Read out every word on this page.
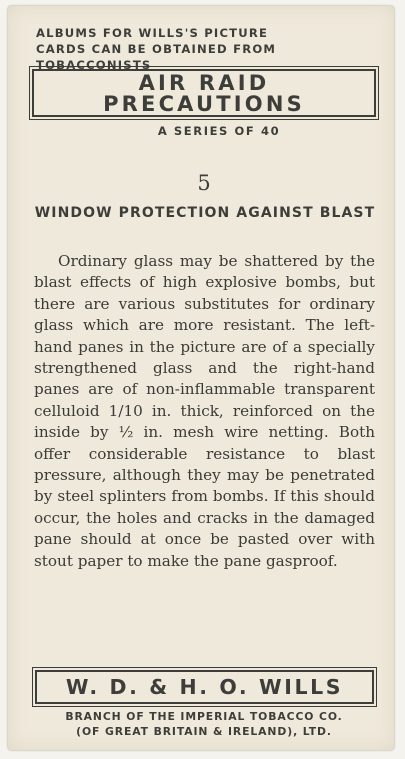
ALBUMS FOR WILLS'S PICTURE
CARDS CAN BE OBTAINED FROM
TOBACCONISTS
AIR RAID
PRECAUTIONS
A SERIES OF 40
5
WINDOW PROTECTION AGAINST BLAST
Ordinary glass may be shattered by the blast effects of high explosive bombs, but there are various substitutes for ordinary glass which are more resistant. The left-hand panes in the picture are of a specially strengthened glass and the right-hand panes are of non-inflammable transparent celluloid 1/10 in. thick, reinforced on the inside by ½ in. mesh wire netting. Both offer considerable resistance to blast pressure, although they may be penetrated by steel splinters from bombs. If this should occur, the holes and cracks in the damaged pane should at once be pasted over with stout paper to make the pane gasproof.
W. D. & H. O. WILLS
BRANCH OF THE IMPERIAL TOBACCO CO.
(OF GREAT BRITAIN & IRELAND), LTD.
